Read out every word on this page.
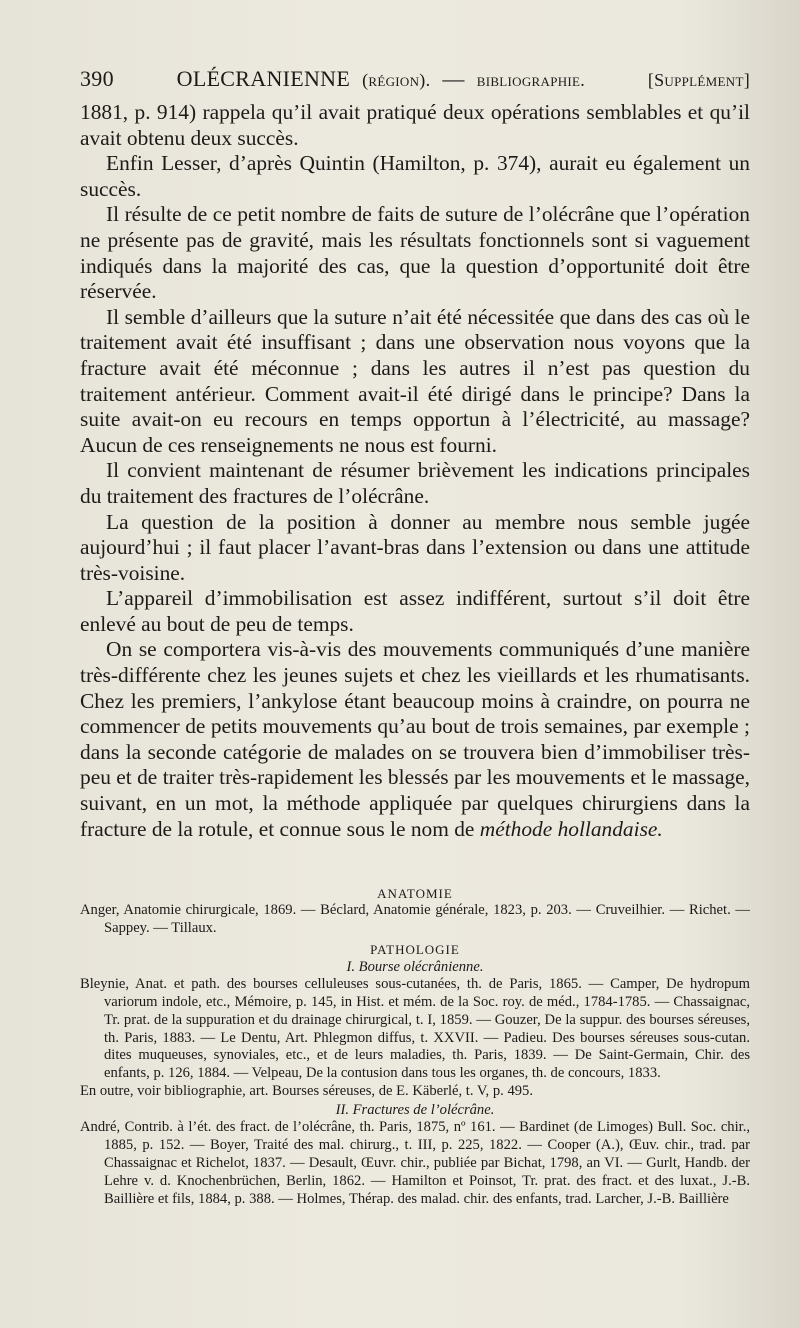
390	OLÉCRANIENNE (région). — bibliographie.	[Supplément]

1881, p. 914) rappela qu’il avait pratiqué deux opérations semblables et qu’il avait obtenu deux succès.

Enfin Lesser, d’après Quintin (Hamilton, p. 374), aurait eu également un succès.

Il résulte de ce petit nombre de faits de suture de l’olécrâne que l’opération ne présente pas de gravité, mais les résultats fonctionnels sont si vaguement indiqués dans la majorité des cas, que la question d’opportunité doit être réservée.

Il semble d’ailleurs que la suture n’ait été nécessitée que dans des cas où le traitement avait été insuffisant ; dans une observation nous voyons que la fracture avait été méconnue ; dans les autres il n’est pas question du traitement antérieur. Comment avait-il été dirigé dans le principe? Dans la suite avait-on eu recours en temps opportun à l’électricité, au massage? Aucun de ces renseignements ne nous est fourni.

Il convient maintenant de résumer brièvement les indications principales du traitement des fractures de l’olécrâne.

La question de la position à donner au membre nous semble jugée aujourd’hui ; il faut placer l’avant-bras dans l’extension ou dans une attitude très-voisine.

L’appareil d’immobilisation est assez indifférent, surtout s’il doit être enlevé au bout de peu de temps.

On se comportera vis-à-vis des mouvements communiqués d’une manière très-différente chez les jeunes sujets et chez les vieillards et les rhumatisants. Chez les premiers, l’ankylose étant beaucoup moins à craindre, on pourra ne commencer de petits mouvements qu’au bout de trois semaines, par exemple ; dans la seconde catégorie de malades on se trouvera bien d’immobiliser très-peu et de traiter très-rapidement les blessés par les mouvements et le massage, suivant, en un mot, la méthode appliquée par quelques chirurgiens dans la fracture de la rotule, et connue sous le nom de méthode hollandaise.

ANATOMIE

Anger, Anatomie chirurgicale, 1869. — Béclard, Anatomie générale, 1823, p. 203. — Cruveilhier. — Richet. — Sappey. — Tillaux.

PATHOLOGIE
I. Bourse olécrânienne.

Bleynie, Anat. et path. des bourses celluleuses sous-cutanées, th. de Paris, 1865. — Camper, De hydropum variorum indole, etc., Mémoire, p. 145, in Hist. et mém. de la Soc. roy. de méd., 1784-1785. — Chassaignac, Tr. prat. de la suppuration et du drainage chirurgical, t. I, 1859. — Gouzer, De la suppur. des bourses séreuses, th. Paris, 1883. — Le Dentu, Art. Phlegmon diffus, t. XXVII. — Padieu. Des bourses séreuses sous-cutan. dites muqueuses, synoviales, etc., et de leurs maladies, th. Paris, 1839. — De Saint-Germain, Chir. des enfants, p. 126, 1884. — Velpeau, De la contusion dans tous les organes, th. de concours, 1833.

En outre, voir bibliographie, art. Bourses séreuses, de E. Käberlé, t. V, p. 495.

II. Fractures de l’olécrâne.

André, Contrib. à l’ét. des fract. de l’olécrâne, th. Paris, 1875, nº 161. — Bardinet (de Limoges) Bull. Soc. chir., 1885, p. 152. — Boyer, Traité des mal. chirurg., t. III, p. 225, 1822. — Cooper (A.), Œuv. chir., trad. par Chassaignac et Richelot, 1837. — Desault, Œuvr. chir., publiée par Bichat, 1798, an VI. — Gurlt, Handb. der Lehre v. d. Knochenbrüchen, Berlin, 1862. — Hamilton et Poinsot, Tr. prat. des fract. et des luxat., J.-B. Baillière et fils, 1884, p. 388. — Holmes, Thérap. des malad. chir. des enfants, trad. Larcher, J.-B. Baillière
